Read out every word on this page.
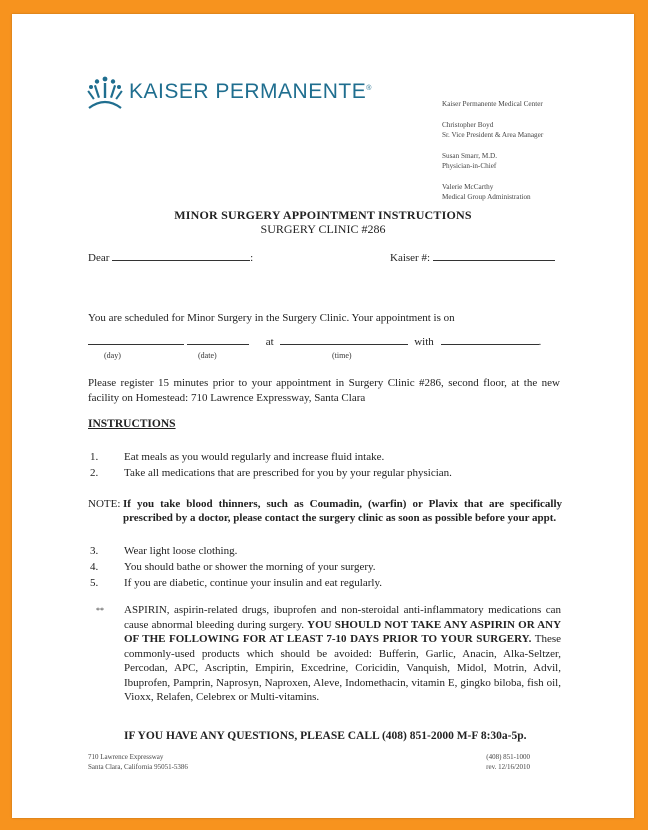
KAISER PERMANENTE®
Kaiser Permanente Medical Center
Christopher Boyd
Sr. Vice President & Area Manager
Susan Smarr, M.D.
Physician-in-Chief
Valerie McCarthy
Medical Group Administration
MINOR SURGERY APPOINTMENT INSTRUCTIONS
SURGERY CLINIC #286
Dear	:	Kaiser #:
You are scheduled for Minor Surgery in the Surgery Clinic. Your appointment is on
at	with	.
(day)	(date)	(time)
Please register 15 minutes prior to your appointment in Surgery Clinic #286, second floor, at the new facility on Homestead: 710 Lawrence Expressway, Santa Clara
INSTRUCTIONS
1.	Eat meals as you would regularly and increase fluid intake.
2.	Take all medications that are prescribed for you by your regular physician.
NOTE: If you take blood thinners, such as Coumadin, (warfin) or Plavix that are specifically prescribed by a doctor, please contact the surgery clinic as soon as possible before your appt.
3.	Wear light loose clothing.
4.	You should bathe or shower the morning of your surgery.
5.	If you are diabetic, continue your insulin and eat regularly.
** ASPIRIN, aspirin-related drugs, ibuprofen and non-steroidal anti-inflammatory medications can cause abnormal bleeding during surgery. YOU SHOULD NOT TAKE ANY ASPIRIN OR ANY OF THE FOLLOWING FOR AT LEAST 7-10 DAYS PRIOR TO YOUR SURGERY. These commonly-used products which should be avoided: Bufferin, Garlic, Anacin, Alka-Seltzer, Percodan, APC, Ascriptin, Empirin, Excedrine, Coricidin, Vanquish, Midol, Motrin, Advil, Ibuprofen, Pamprin, Naprosyn, Naproxen, Aleve, Indomethacin, vitamin E, gingko biloba, fish oil, Vioxx, Relafen, Celebrex or Multi-vitamins.
IF YOU HAVE ANY QUESTIONS, PLEASE CALL (408) 851-2000 M-F 8:30a-5p.
710 Lawrence Expressway
Santa Clara, California 95051-5386
(408) 851-1000
rev. 12/16/2010
